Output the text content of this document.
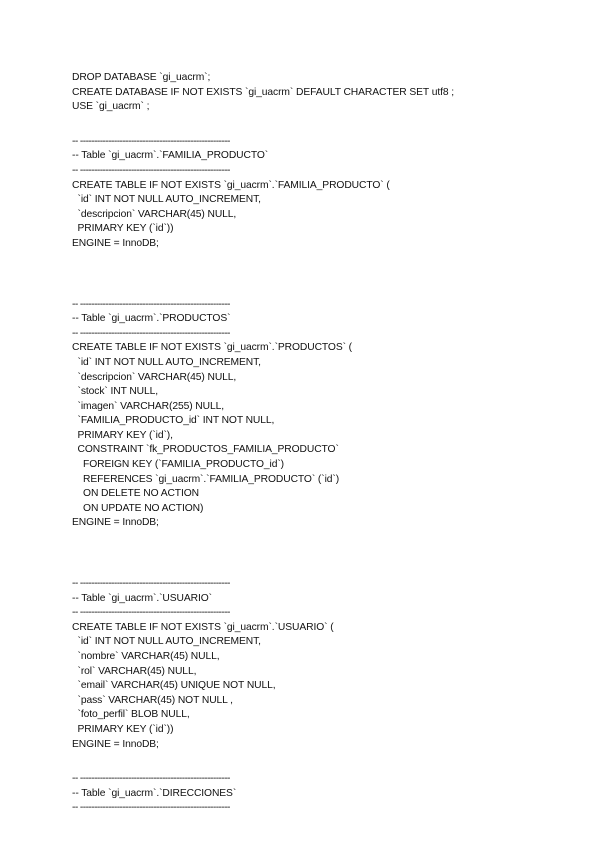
DROP DATABASE `gi_uacrm`;
CREATE DATABASE IF NOT EXISTS `gi_uacrm` DEFAULT CHARACTER SET utf8 ;
USE `gi_uacrm` ;
-- -----------------------------------------------------
-- Table `gi_uacrm`.`FAMILIA_PRODUCTO`
-- -----------------------------------------------------
CREATE TABLE IF NOT EXISTS `gi_uacrm`.`FAMILIA_PRODUCTO` (
`id` INT NOT NULL AUTO_INCREMENT,
`descripcion` VARCHAR(45) NULL,
PRIMARY KEY (`id`))
ENGINE = InnoDB;
-- -----------------------------------------------------
-- Table `gi_uacrm`.`PRODUCTOS`
-- -----------------------------------------------------
CREATE TABLE IF NOT EXISTS `gi_uacrm`.`PRODUCTOS` (
`id` INT NOT NULL AUTO_INCREMENT,
`descripcion` VARCHAR(45) NULL,
`stock` INT NULL,
`imagen` VARCHAR(255) NULL,
`FAMILIA_PRODUCTO_id` INT NOT NULL,
PRIMARY KEY (`id`),
CONSTRAINT `fk_PRODUCTOS_FAMILIA_PRODUCTO`
FOREIGN KEY (`FAMILIA_PRODUCTO_id`)
REFERENCES `gi_uacrm`.`FAMILIA_PRODUCTO` (`id`)
ON DELETE NO ACTION
ON UPDATE NO ACTION)
ENGINE = InnoDB;
-- -----------------------------------------------------
-- Table `gi_uacrm`.`USUARIO`
-- -----------------------------------------------------
CREATE TABLE IF NOT EXISTS `gi_uacrm`.`USUARIO` (
`id` INT NOT NULL AUTO_INCREMENT,
`nombre` VARCHAR(45) NULL,
`rol` VARCHAR(45) NULL,
`email` VARCHAR(45) UNIQUE NOT NULL,
`pass` VARCHAR(45) NOT NULL ,
`foto_perfil` BLOB NULL,
PRIMARY KEY (`id`))
ENGINE = InnoDB;
-- -----------------------------------------------------
-- Table `gi_uacrm`.`DIRECCIONES`
-- -----------------------------------------------------
